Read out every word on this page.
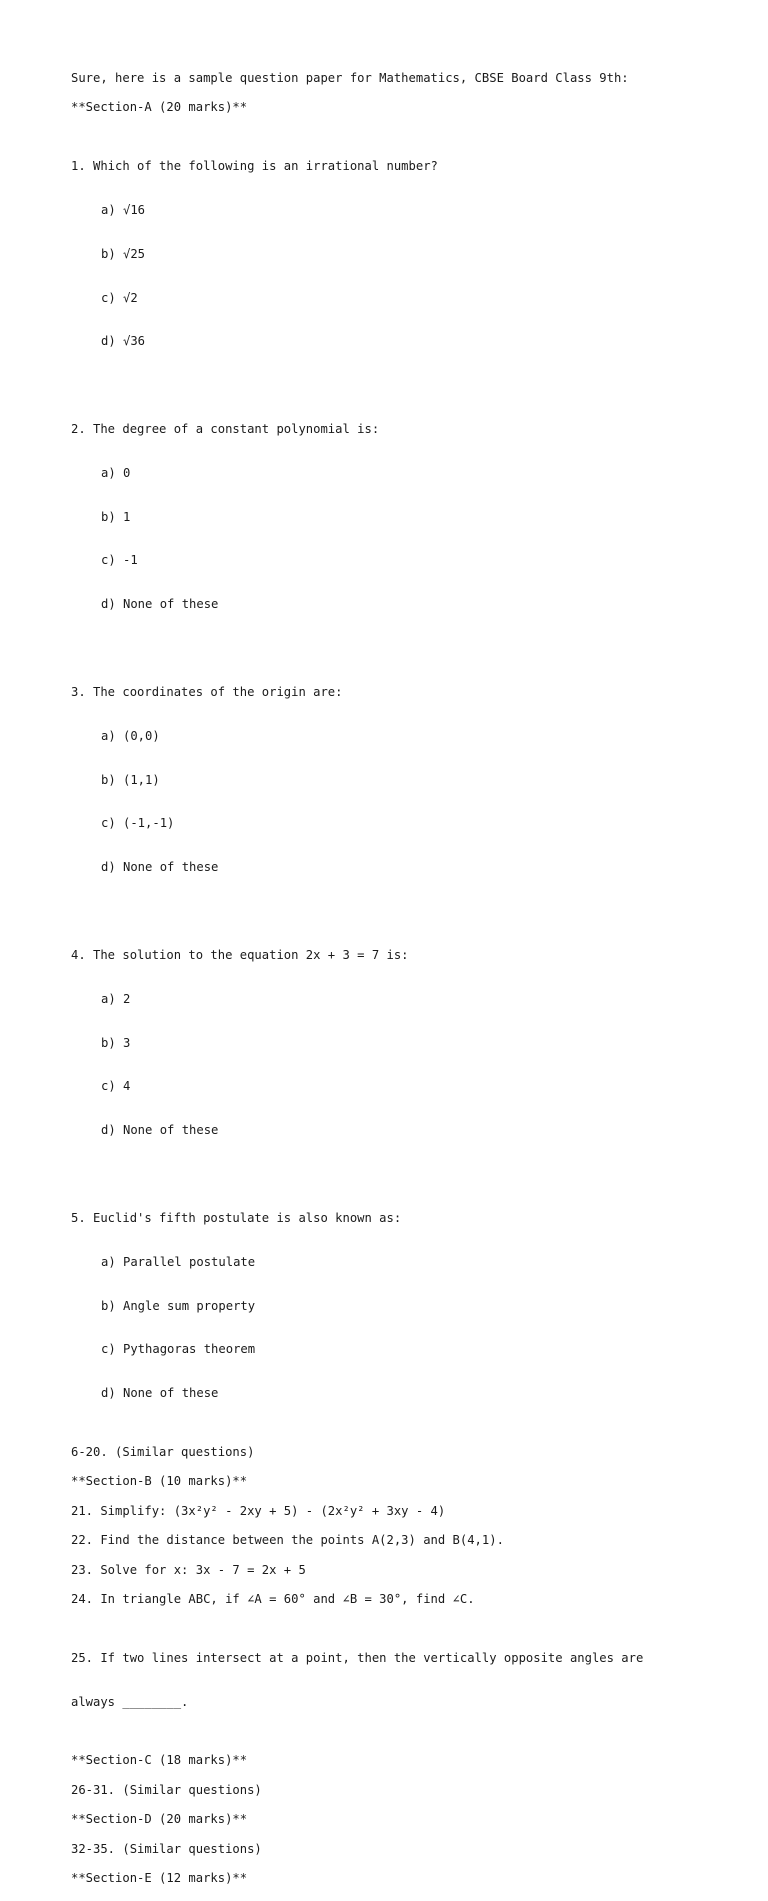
Sure, here is a sample question paper for Mathematics, CBSE Board Class 9th:
**Section-A (20 marks)**

1. Which of the following is an irrational number?

a) √16

b) √25

c) √2

d) √36

2. The degree of a constant polynomial is:

a) 0

b) 1

c) -1

d) None of these

3. The coordinates of the origin are:

a) (0,0)

b) (1,1)

c) (-1,-1)

d) None of these

4. The solution to the equation 2x + 3 = 7 is:

a) 2

b) 3

c) 4

d) None of these

5. Euclid's fifth postulate is also known as:

a) Parallel postulate

b) Angle sum property

c) Pythagoras theorem

d) None of these

6-20. (Similar questions)
**Section-B (10 marks)**
21. Simplify: (3x²y² - 2xy + 5) - (2x²y² + 3xy - 4)
22. Find the distance between the points A(2,3) and B(4,1).
23. Solve for x: 3x - 7 = 2x + 5
24. In triangle ABC, if ∠A = 60° and ∠B = 30°, find ∠C.

25. If two lines intersect at a point, then the vertically opposite angles are

always ________.

**Section-C (18 marks)**
26-31. (Similar questions)
**Section-D (20 marks)**
32-35. (Similar questions)
**Section-E (12 marks)**
